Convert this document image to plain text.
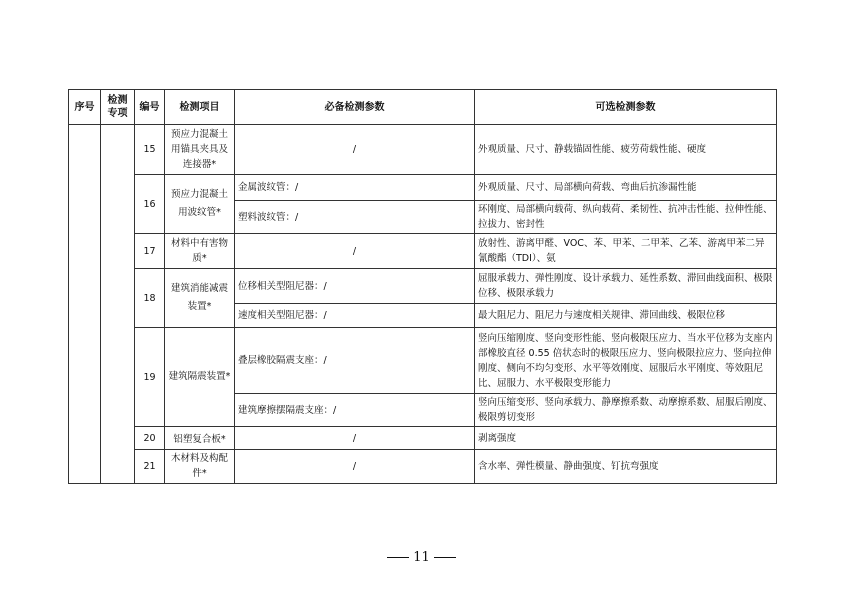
序号	检测专项	编号	检测项目	必备检测参数	可选检测参数
		15	预应力混凝土用锚具夹具及连接器*	/	外观质量、尺寸、静载锚固性能、疲劳荷载性能、硬度
		16	预应力混凝土用波纹管*	金属波纹管：/	外观质量、尺寸、局部横向荷载、弯曲后抗渗漏性能
				塑料波纹管：/	环刚度、局部横向载荷、纵向载荷、柔韧性、抗冲击性能、拉伸性能、拉拔力、密封性
		17	材料中有害物质*	/	放射性、游离甲醛、VOC、苯、甲苯、二甲苯、乙苯、游离甲苯二异氰酸酯（TDI）、氨
		18	建筑消能减震装置*	位移相关型阻尼器：/	屈服承载力、弹性刚度、设计承载力、延性系数、滞回曲线面积、极限位移、极限承载力
				速度相关型阻尼器：/	最大阻尼力、阻尼力与速度相关规律、滞回曲线、极限位移
		19	建筑隔震装置*	叠层橡胶隔震支座：/	竖向压缩刚度、竖向变形性能、竖向极限压应力、当水平位移为支座内部橡胶直径 0.55 倍状态时的极限压应力、竖向极限拉应力、竖向拉伸刚度、侧向不均匀变形、水平等效刚度、屈服后水平刚度、等效阻尼比、屈服力、水平极限变形能力
				建筑摩擦摆隔震支座：/	竖向压缩变形、竖向承载力、静摩擦系数、动摩擦系数、屈服后刚度、极限剪切变形
		20	铝塑复合板*	/	剥离强度
		21	木材料及构配件*	/	含水率、弹性模量、静曲强度、钉抗弯强度
11
